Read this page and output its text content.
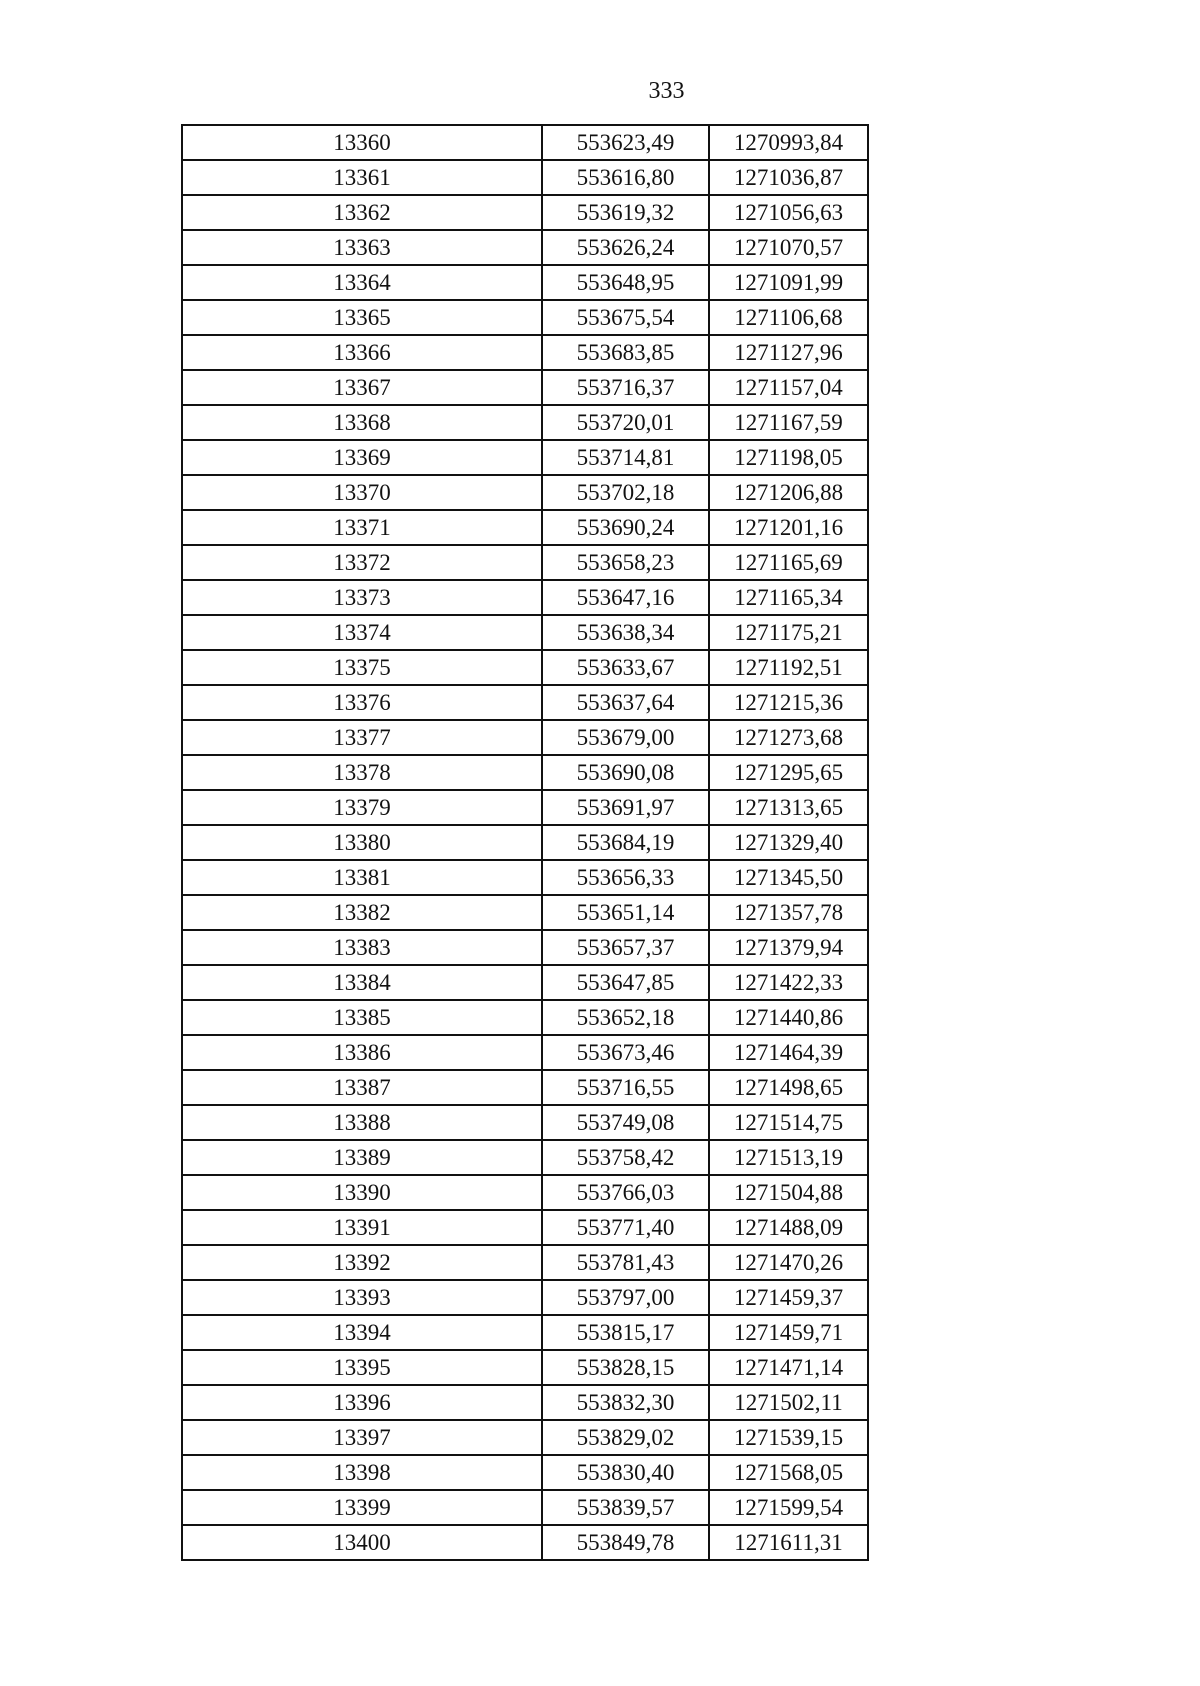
333
13360	553623,49	1270993,84
13361	553616,80	1271036,87
13362	553619,32	1271056,63
13363	553626,24	1271070,57
13364	553648,95	1271091,99
13365	553675,54	1271106,68
13366	553683,85	1271127,96
13367	553716,37	1271157,04
13368	553720,01	1271167,59
13369	553714,81	1271198,05
13370	553702,18	1271206,88
13371	553690,24	1271201,16
13372	553658,23	1271165,69
13373	553647,16	1271165,34
13374	553638,34	1271175,21
13375	553633,67	1271192,51
13376	553637,64	1271215,36
13377	553679,00	1271273,68
13378	553690,08	1271295,65
13379	553691,97	1271313,65
13380	553684,19	1271329,40
13381	553656,33	1271345,50
13382	553651,14	1271357,78
13383	553657,37	1271379,94
13384	553647,85	1271422,33
13385	553652,18	1271440,86
13386	553673,46	1271464,39
13387	553716,55	1271498,65
13388	553749,08	1271514,75
13389	553758,42	1271513,19
13390	553766,03	1271504,88
13391	553771,40	1271488,09
13392	553781,43	1271470,26
13393	553797,00	1271459,37
13394	553815,17	1271459,71
13395	553828,15	1271471,14
13396	553832,30	1271502,11
13397	553829,02	1271539,15
13398	553830,40	1271568,05
13399	553839,57	1271599,54
13400	553849,78	1271611,31
